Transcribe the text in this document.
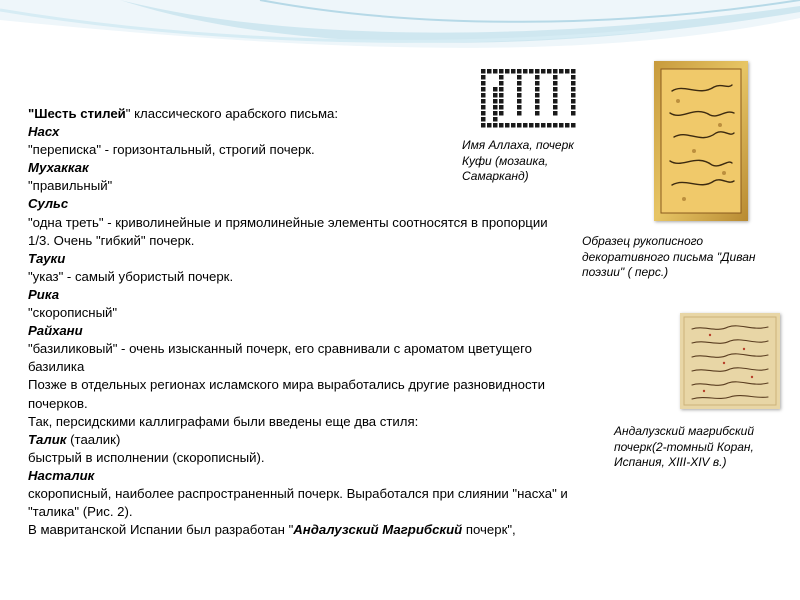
"Шесть стилей" классического арабского письма:

Насх

"переписка" - горизонтальный, строгий почерк.

Мухаккак

"правильный"

Сульс

"одна треть" - криволинейные и прямолинейные элементы соотносятся в пропорции 1/3. Очень "гибкий" почерк.

Тауки

"указ" - самый убористый почерк.

Рика

"скорописный"

Райхани

"базиликовый" - очень изысканный почерк, его сравнивали с ароматом цветущего базилика

Позже в отдельных регионах исламского мира выработались другие разновидности почерков.

Так, персидскими каллиграфами были введены еще два стиля:

Талик (таалик)

быстрый в исполнении (скорописный).

Насталик

скорописный, наиболее распространенный почерк. Выработался при слиянии "насха" и "талика" (Рис. 2).

В мавританской Испании был разработан "Андалузский Магрибский почерк",

Имя Аллаха, почерк Куфи (мозаика, Самарканд)
Образец рукописного декоративного письма "Диван поэзии" ( перс.)
Андалузский магрибский почерк(2-томный Коран, Испания, XIII-XIV в.)
